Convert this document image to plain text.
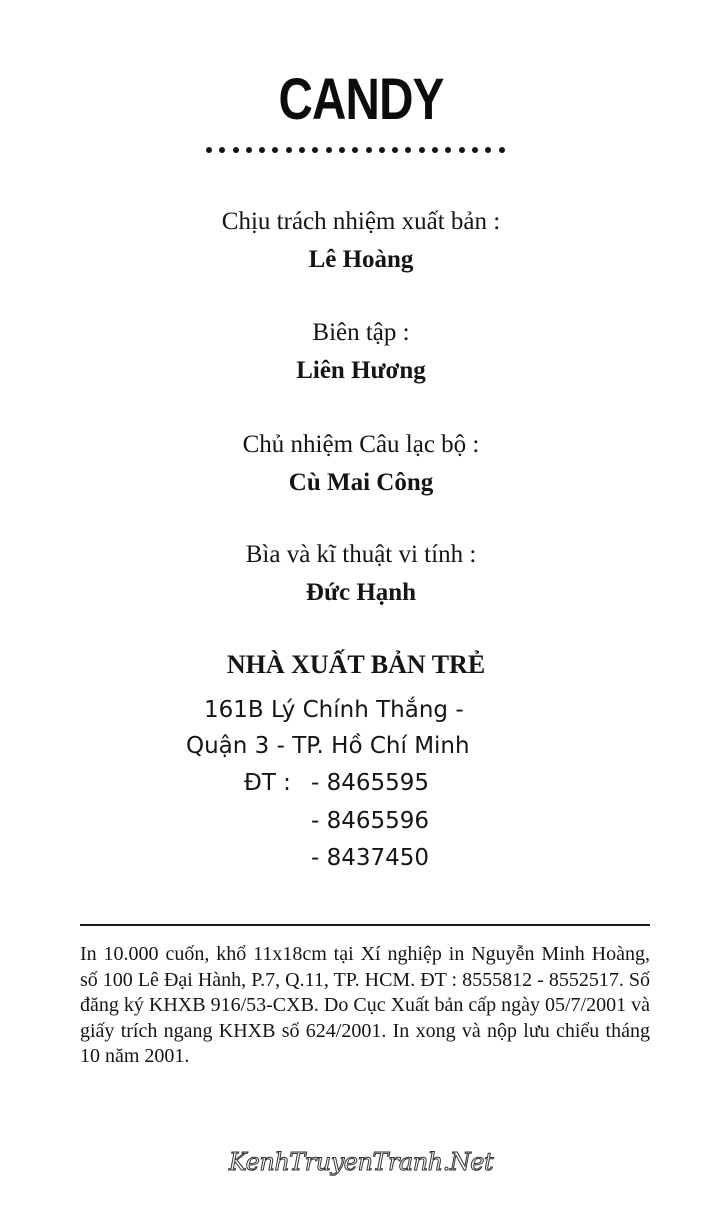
CANDY
Chịu trách nhiệm xuất bản :
Lê Hoàng
Biên tập :
Liên Hương
Chủ nhiệm Câu lạc bộ :
Cù Mai Công
Bìa và kĩ thuật vi tính :
Đức Hạnh
NHÀ XUẤT BẢN TRẺ
161B Lý Chính Thắng -
Quận 3 - TP. Hồ Chí Minh
ĐT : - 8465595
- 8465596
- 8437450
In 10.000 cuốn, khổ 11x18cm tại Xí nghiệp in Nguyễn Minh Hoàng, số 100 Lê Đại Hành, P.7, Q.11, TP. HCM. ĐT : 8555812 - 8552517. Số đăng ký KHXB 916/53-CXB. Do Cục Xuất bản cấp ngày 05/7/2001 và giấy trích ngang KHXB số 624/2001. In xong và nộp lưu chiểu tháng 10 năm 2001.
KenhTruyenTranh.Net
